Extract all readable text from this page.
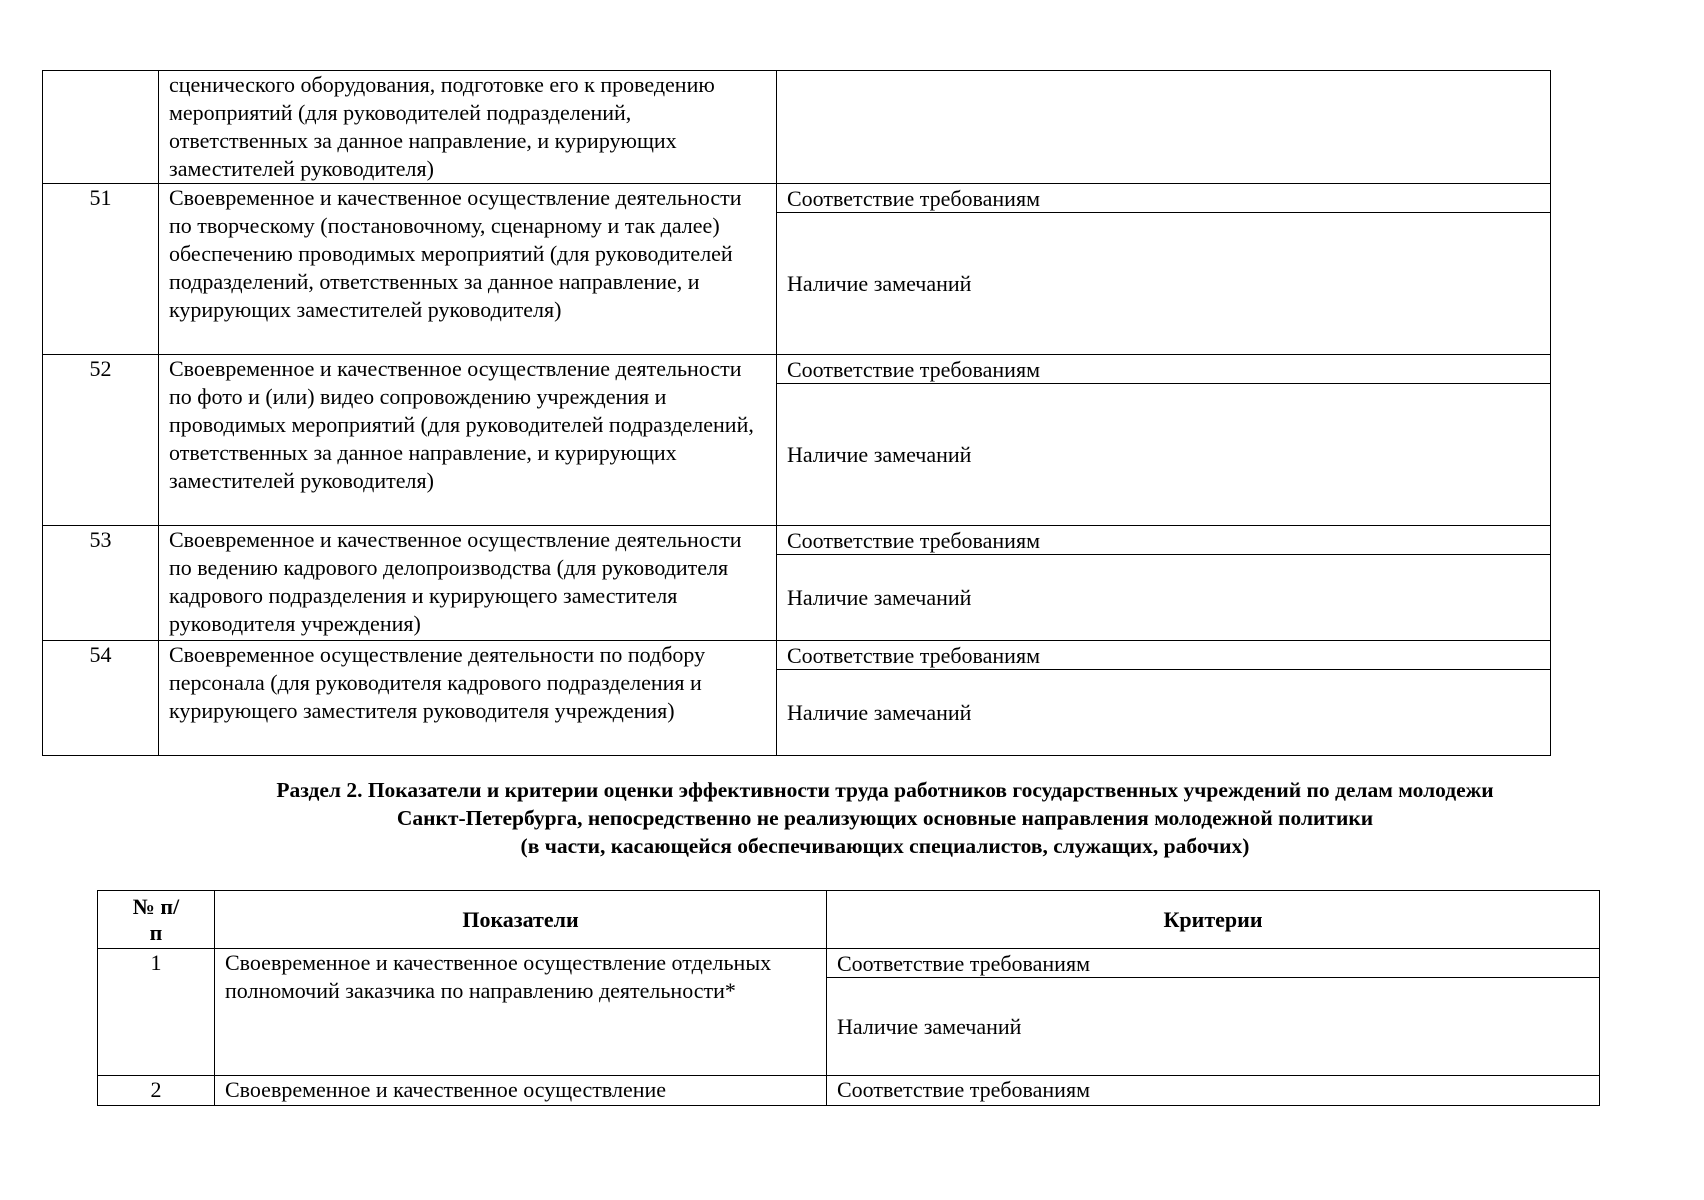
	сценического оборудования, подготовке его к проведению мероприятий (для руководителей подразделений, ответственных за данное направление, и курирующих заместителей руководителя)	
51	Своевременное и качественное осуществление деятельности по творческому (постановочному, сценарному и так далее) обеспечению проводимых мероприятий (для руководителей подразделений, ответственных за данное направление, и курирующих заместителей руководителя)	Соответствие требованиям
Наличие замечаний

52	Своевременное и качественное осуществление деятельности по фото и (или) видео сопровождению учреждения и проводимых мероприятий (для руководителей подразделений, ответственных за данное направление, и курирующих заместителей руководителя)	Соответствие требованиям
Наличие замечаний

53	Своевременное и качественное осуществление деятельности по ведению кадрового делопроизводства (для руководителя кадрового подразделения и курирующего заместителя руководителя учреждения)	Соответствие требованиям
Наличие замечаний

54	Своевременное осуществление деятельности по подбору персонала (для руководителя кадрового подразделения и курирующего заместителя руководителя учреждения)	Соответствие требованиям
Наличие замечаний
Раздел 2. Показатели и критерии оценки эффективности труда работников государственных учреждений по делам молодежи
Санкт-Петербурга, непосредственно не реализующих основные направления молодежной политики
(в части, касающейся обеспечивающих специалистов, служащих, рабочих)
№ п/п	Показатели	Критерии
1	Своевременное и качественное осуществление отдельных полномочий заказчика по направлению деятельности*	Соответствие требованиям
Наличие замечаний

2	Своевременное и качественное осуществление	Соответствие требованиям
